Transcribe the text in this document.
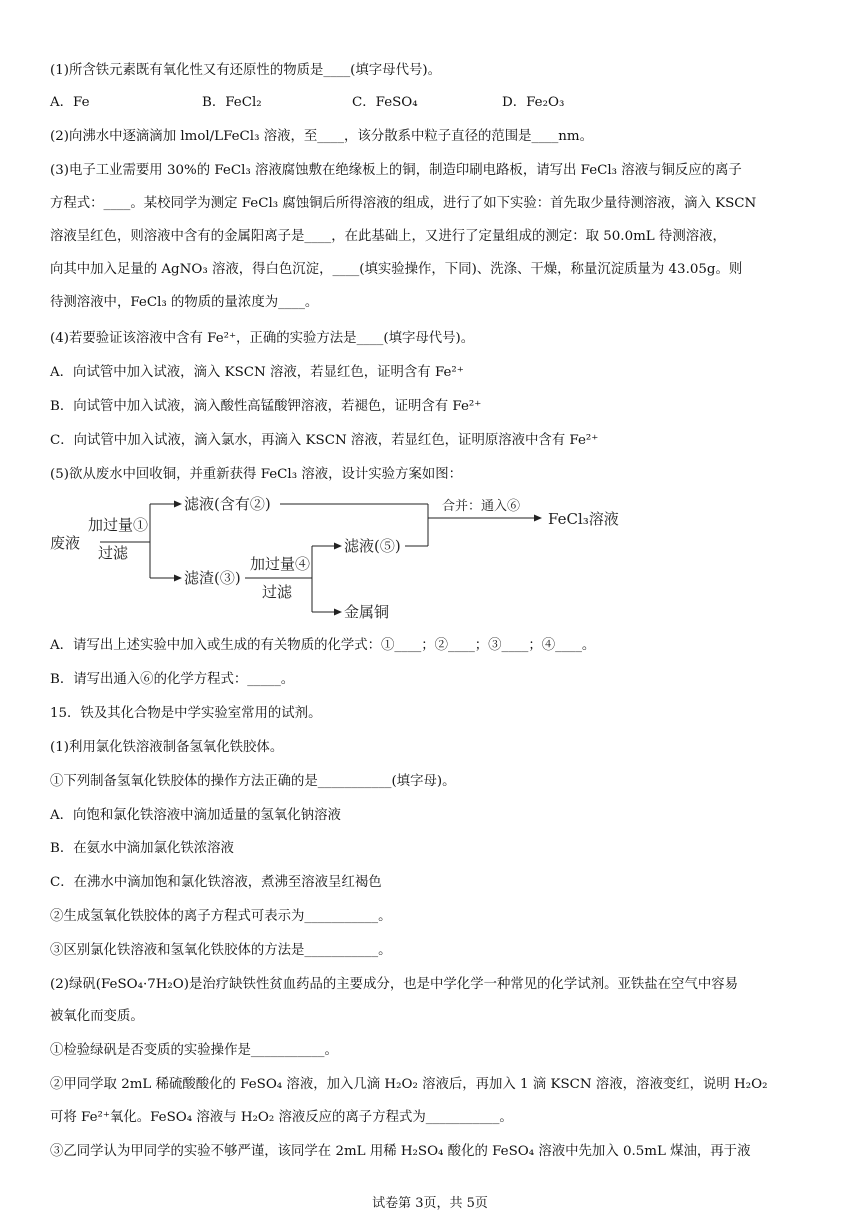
(1)所含铁元素既有氧化性又有还原性的物质是____(填字母代号)。
A．Fe	B．FeCl₂	C．FeSO₄	D．Fe₂O₃
(2)向沸水中逐滴滴加 lmol/LFeCl₃ 溶液，至____，该分散系中粒子直径的范围是____nm。
(3)电子工业需要用 30%的 FeCl₃ 溶液腐蚀敷在绝缘板上的铜，制造印刷电路板，请写出 FeCl₃ 溶液与铜反应的离子
方程式：____。某校同学为测定 FeCl₃ 腐蚀铜后所得溶液的组成，进行了如下实验：首先取少量待测溶液，滴入 KSCN
溶液呈红色，则溶液中含有的金属阳离子是____，在此基础上，又进行了定量组成的测定：取 50.0mL 待测溶液，
向其中加入足量的 AgNO₃ 溶液，得白色沉淀，____(填实验操作，下同)、洗涤、干燥，称量沉淀质量为 43.05g。则
待测溶液中，FeCl₃ 的物质的量浓度为____。
(4)若要验证该溶液中含有 Fe²⁺，正确的实验方法是____(填字母代号)。
A．向试管中加入试液，滴入 KSCN 溶液，若显红色，证明含有 Fe²⁺
B．向试管中加入试液，滴入酸性高锰酸钾溶液，若褪色，证明含有 Fe²⁺
C．向试管中加入试液，滴入氯水，再滴入 KSCN 溶液，若显红色，证明原溶液中含有 Fe²⁺
(5)欲从废水中回收铜，并重新获得 FeCl₃ 溶液，设计实验方案如图：
废液
加过量①
过滤
滤液(含有②)
滤渣(③)
加过量④
过滤
滤液(⑤)
金属铜
合并：通入⑥
FeCl₃溶液
A．请写出上述实验中加入或生成的有关物质的化学式：①____；②____；③____；④____。
B．请写出通入⑥的化学方程式：_____。
15．铁及其化合物是中学实验室常用的试剂。
(1)利用氯化铁溶液制备氢氧化铁胶体。
①下列制备氢氧化铁胶体的操作方法正确的是___________(填字母)。
A．向饱和氯化铁溶液中滴加适量的氢氧化钠溶液
B．在氨水中滴加氯化铁浓溶液
C．在沸水中滴加饱和氯化铁溶液，煮沸至溶液呈红褐色
②生成氢氧化铁胶体的离子方程式可表示为___________。
③区别氯化铁溶液和氢氧化铁胶体的方法是___________。
(2)绿矾(FeSO₄·7H₂O)是治疗缺铁性贫血药品的主要成分，也是中学化学一种常见的化学试剂。亚铁盐在空气中容易
被氧化而变质。
①检验绿矾是否变质的实验操作是___________。
②甲同学取 2mL 稀硫酸酸化的 FeSO₄ 溶液，加入几滴 H₂O₂ 溶液后，再加入 1 滴 KSCN 溶液，溶液变红，说明 H₂O₂
可将 Fe²⁺氧化。FeSO₄ 溶液与 H₂O₂ 溶液反应的离子方程式为___________。
③乙同学认为甲同学的实验不够严谨，该同学在 2mL 用稀 H₂SO₄ 酸化的 FeSO₄ 溶液中先加入 0.5mL 煤油，再于液
试卷第 3页，共 5页
